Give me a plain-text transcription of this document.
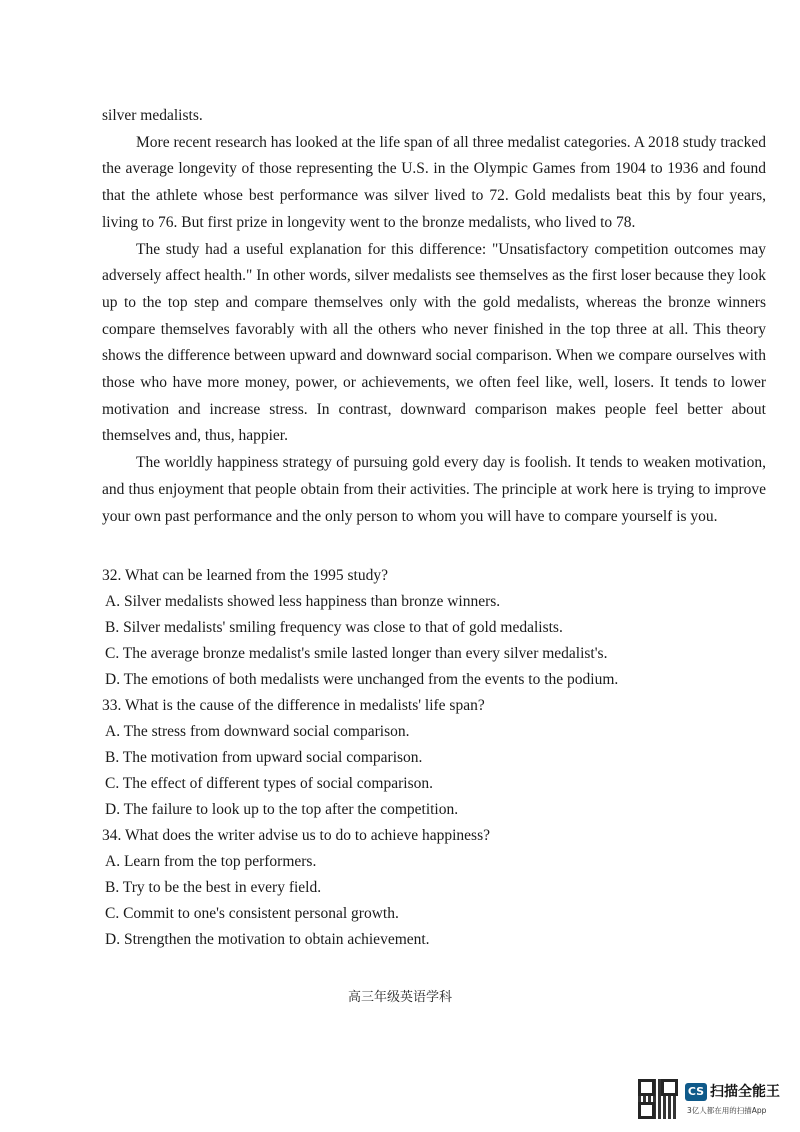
silver medalists.

More recent research has looked at the life span of all three medalist categories. A 2018 study tracked the average longevity of those representing the U.S. in the Olympic Games from 1904 to 1936 and found that the athlete whose best performance was silver lived to 72. Gold medalists beat this by four years, living to 76. But first prize in longevity went to the bronze medalists, who lived to 78.

The study had a useful explanation for this difference: "Unsatisfactory competition outcomes may adversely affect health." In other words, silver medalists see themselves as the first loser because they look up to the top step and compare themselves only with the gold medalists, whereas the bronze winners compare themselves favorably with all the others who never finished in the top three at all. This theory shows the difference between upward and downward social comparison. When we compare ourselves with those who have more money, power, or achievements, we often feel like, well, losers. It tends to lower motivation and increase stress. In contrast, downward comparison makes people feel better about themselves and, thus, happier.

The worldly happiness strategy of pursuing gold every day is foolish. It tends to weaken motivation, and thus enjoyment that people obtain from their activities. The principle at work here is trying to improve your own past performance and the only person to whom you will have to compare yourself is you.

32. What can be learned from the 1995 study?

A. Silver medalists showed less happiness than bronze winners.

B. Silver medalists' smiling frequency was close to that of gold medalists.

C. The average bronze medalist's smile lasted longer than every silver medalist's.

D. The emotions of both medalists were unchanged from the events to the podium.

33. What is the cause of the difference in medalists' life span?

A. The stress from downward social comparison.

B. The motivation from upward social comparison.

C. The effect of different types of social comparison.

D. The failure to look up to the top after the competition.

34. What does the writer advise us to do to achieve happiness?

A. Learn from the top performers.

B. Try to be the best in every field.

C. Commit to one's consistent personal growth.

D. Strengthen the motivation to obtain achievement.

高三年级英语学科
CS 扫描全能王
3亿人都在用的扫描App
